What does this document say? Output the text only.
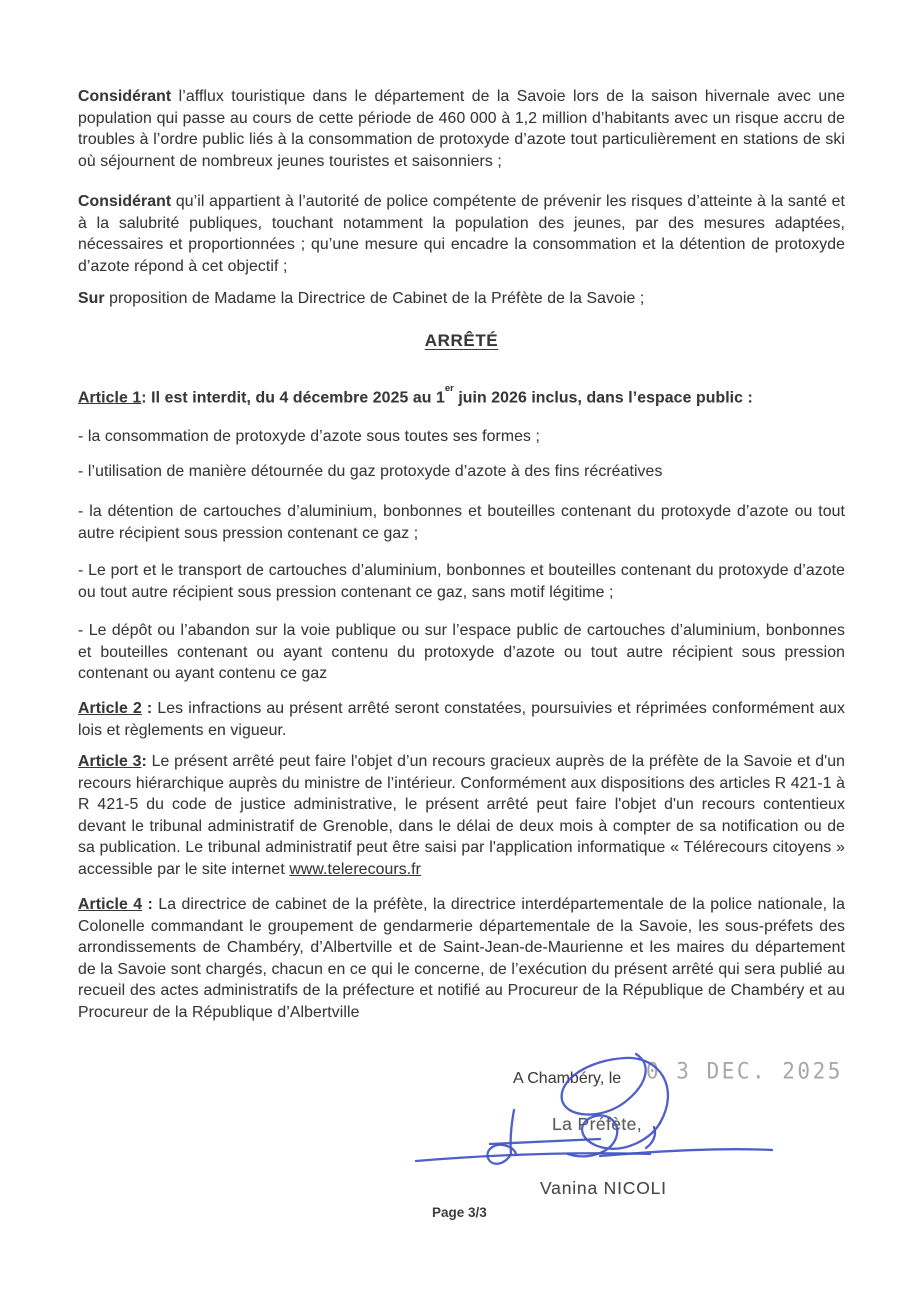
Considérant l’afflux touristique dans le département de la Savoie lors de la saison hivernale avec une population qui passe au cours de cette période de 460 000 à 1,2 million d’habitants avec un risque accru de troubles à l’ordre public liés à la consommation de protoxyde d’azote tout particulièrement en stations de ski où séjournent de nombreux jeunes touristes et saisonniers ;

Considérant qu’il appartient à l’autorité de police compétente de prévenir les risques d’atteinte à la santé et à la salubrité publiques, touchant notamment la population des jeunes, par des mesures adaptées, nécessaires et proportionnées ; qu’une mesure qui encadre la consommation et la détention de protoxyde d’azote répond à cet objectif ;

Sur proposition de Madame la Directrice de Cabinet de la Préfète de la Savoie ;

ARRÊTÉ

Article 1: Il est interdit, du 4 décembre 2025 au 1er juin 2026 inclus, dans l’espace public :

- la consommation de protoxyde d’azote sous toutes ses formes ;

- l’utilisation de manière détournée du gaz protoxyde d’azote à des fins récréatives

- la détention de cartouches d’aluminium, bonbonnes et bouteilles contenant du protoxyde d’azote ou tout autre récipient sous pression contenant ce gaz ;

- Le port et le transport de cartouches d’aluminium, bonbonnes et bouteilles contenant du protoxyde d’azote ou tout autre récipient sous pression contenant ce gaz, sans motif légitime ;

- Le dépôt ou l’abandon sur la voie publique ou sur l’espace public de cartouches d’aluminium, bonbonnes et bouteilles contenant ou ayant contenu du protoxyde d’azote ou tout autre récipient sous pression contenant ou ayant contenu ce gaz

Article 2 : Les infractions au présent arrêté seront constatées, poursuivies et réprimées conformément aux lois et règlements en vigueur.

Article 3: Le présent arrêté peut faire l'objet d’un recours gracieux auprès de la préfète de la Savoie et d'un recours hiérarchique auprès du ministre de l’intérieur. Conformément aux dispositions des articles R 421-1 à R 421-5 du code de justice administrative, le présent arrêté peut faire l'objet d'un recours contentieux devant le tribunal administratif de Grenoble, dans le délai de deux mois à compter de sa notification ou de sa publication. Le tribunal administratif peut être saisi par l'application informatique « Télérecours citoyens » accessible par le site internet www.telerecours.fr

Article 4 : La directrice de cabinet de la préfète, la directrice interdépartementale de la police nationale, la Colonelle commandant le groupement de gendarmerie départementale de la Savoie, les sous-préfets des arrondissements de Chambéry, d’Albertville et de Saint-Jean-de-Maurienne et les maires du département de la Savoie sont chargés, chacun en ce qui le concerne, de l’exécution du présent arrêté qui sera publié au recueil des actes administratifs de la préfecture et notifié au Procureur de la République de Chambéry et au Procureur de la République d’Albertville

A Chambéry, le 0 3 DEC. 2025
La Préfète,
Vanina NICOLI
Page 3/3
